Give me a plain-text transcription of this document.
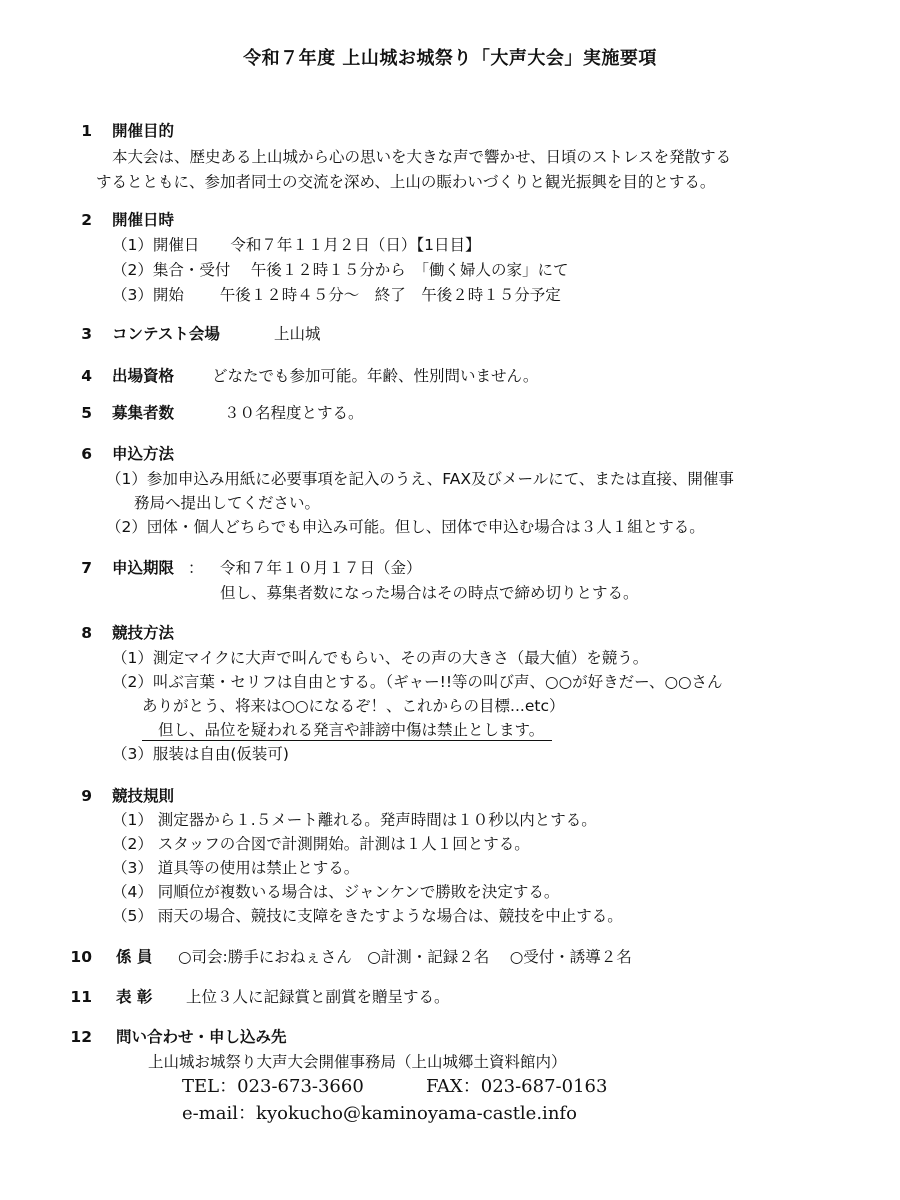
令和７年度 上山城お城祭り「大声大会」実施要項
1 開催目的
本大会は、歴史ある上山城から心の思いを大きな声で響かせ、日頃のストレスを発散する
するとともに、参加者同士の交流を深め、上山の賑わいづくりと観光振興を目的とする。
2 開催日時
（1）開催日　　令和７年１１月２日（日）【1日目】
（2）集合・受付　 午後１２時１５分から　「働く婦人の家」にて
（3）開始　　 午後１２時４５分～　終了　午後２時１５分予定
3 コンテスト会場	上山城
4 出場資格 どなたでも参加可能。年齢、性別問いません。
5 募集者数	３０名程度とする。
6 申込方法
（1）参加申込み用紙に必要事項を記入のうえ、FAX及びメールにて、または直接、開催事
務局へ提出してください。
（2）団体・個人どちらでも申込み可能。但し、団体で申込む場合は３人１組とする。
7 申込期限 ： 令和７年１０月１７日（金）
但し、募集者数になった場合はその時点で締め切りとする。
8 競技方法
（1）測定マイクに大声で叫んでもらい、その声の大きさ（最大値）を競う。
（2）叫ぶ言葉・セリフは自由とする。（ギャー!!等の叫び声、○○が好きだー、○○さん
ありがとう、将来は○○になるぞ！、これからの目標...etc）
但し、品位を疑われる発言や誹謗中傷は禁止とします。
（3）服装は自由(仮装可)
9 競技規則
（1） 測定器から１.５メート離れる。発声時間は１０秒以内とする。
（2） スタッフの合図で計測開始。計測は１人１回とする。
（3） 道具等の使用は禁止とする。
（4） 同順位が複数いる場合は、ジャンケンで勝敗を決定する。
（5） 雨天の場合、競技に支障をきたすような場合は、競技を中止する。
10 係 員 ○司会:勝手におねぇさん　○計測・記録２名　 ○受付・誘導２名
11 表 彰 上位３人に記録賞と副賞を贈呈する。
12 問い合わせ・申し込み先
上山城お城祭り大声大会開催事務局（上山城郷土資料館内）
TEL：023-673-3660	FAX：023-687-0163
e-mail：kyokucho@kaminoyama-castle.info
